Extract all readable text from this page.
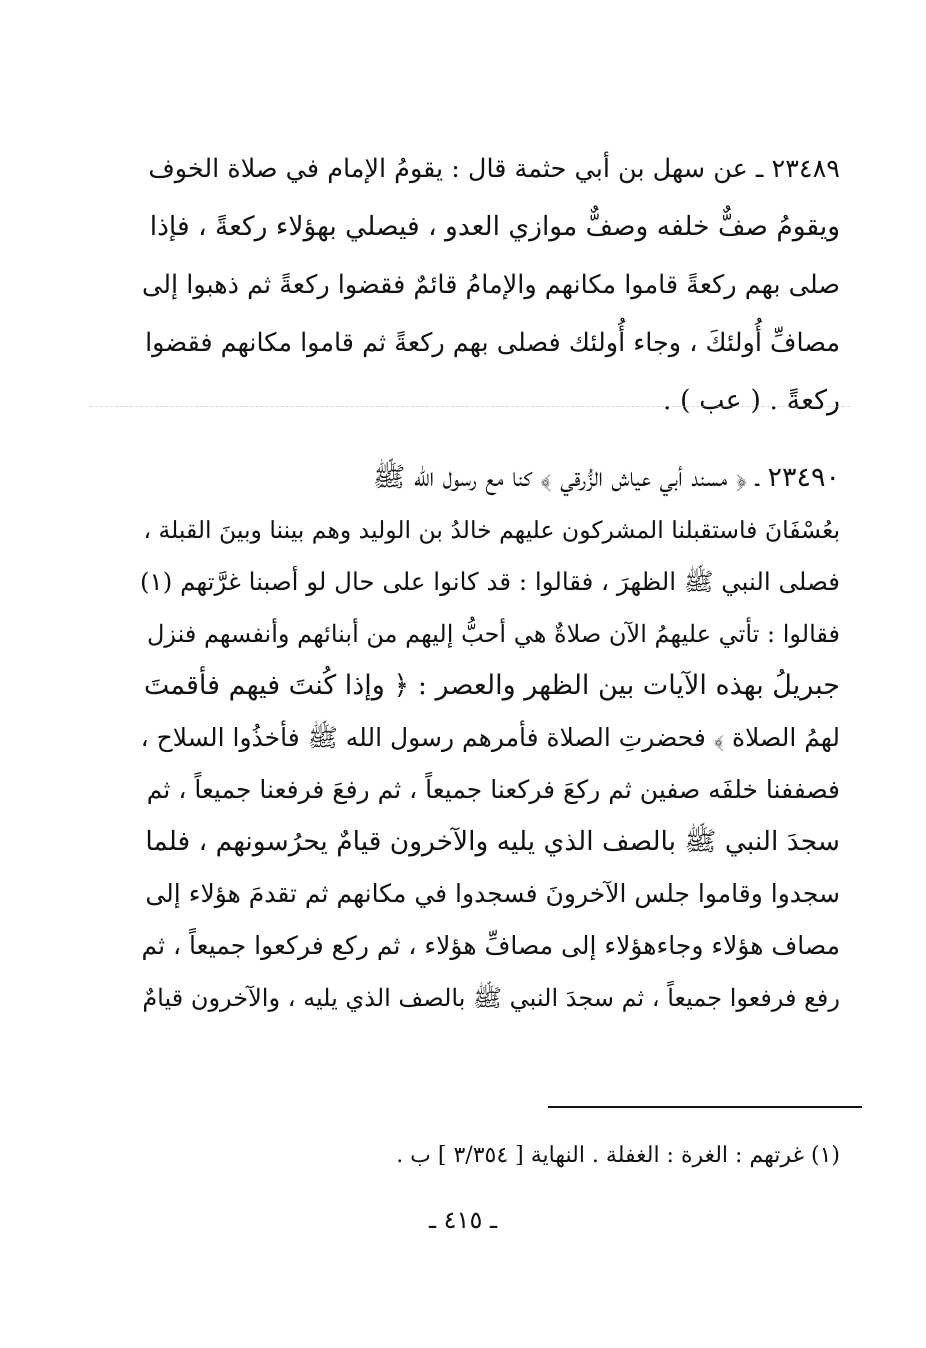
٢٣٤٨٩ ـ عن سهل بن أبي حثمة قال : يقومُ الإمام في صلاة الخوف
ويقومُ صفٌّ خلفه وصفٌّ موازي العدو ، فيصلي بهؤلاء ركعةً ، فإذا
صلى بهم ركعةً قاموا مكانهم والإمامُ قائمٌ فقضوا ركعةً ثم ذهبوا إلى
مصافِّ أُولئكَ ، وجاء أُولئك فصلى بهم ركعةً ثم قاموا مكانهم فقضوا
ركعةً . ( عب ) .
٢٣٤٩٠ ـ ﴿ مسند أبي عياش الزُّرقي ﴾ كنا مع رسول الله ﷺ
بعُسْفَانَ فاستقبلنا المشركون عليهم خالدُ بن الوليد وهم بيننا وبينَ القبلة ،
فصلى النبي ﷺ الظهرَ ، فقالوا : قد كانوا على حال لو أصبنا غرَّتهم (١)
فقالوا : تأتي عليهمُ الآن صلاةٌ هي أحبُّ إليهم من أبنائهم وأنفسهم فنزل
جبريلُ بهذه الآيات بين الظهر والعصر : ﴿ وإذا كُنتَ فيهم فأقمتَ
لهمُ الصلاة ﴾ فحضرتِ الصلاة فأمرهم رسول الله ﷺ فأخذُوا السلاح ،
فصففنا خلفَه صفين ثم ركعَ فركعنا جميعاً ، ثم رفعَ فرفعنا جميعاً ، ثم
سجدَ النبي ﷺ بالصف الذي يليه والآخرون قيامٌ يحرُسونهم ، فلما
سجدوا وقاموا جلس الآخرونَ فسجدوا في مكانهم ثم تقدمَ هؤلاء إلى
مصاف هؤلاء وجاءهؤلاء إلى مصافِّ هؤلاء ، ثم ركع فركعوا جميعاً ، ثم
رفع فرفعوا جميعاً ، ثم سجدَ النبي ﷺ بالصف الذي يليه ، والآخرون قيامٌ
(١) غرتهم : الغرة : الغفلة . النهاية [ ٣/٣٥٤ ] ب .
ـ ٤١٥ ـ
